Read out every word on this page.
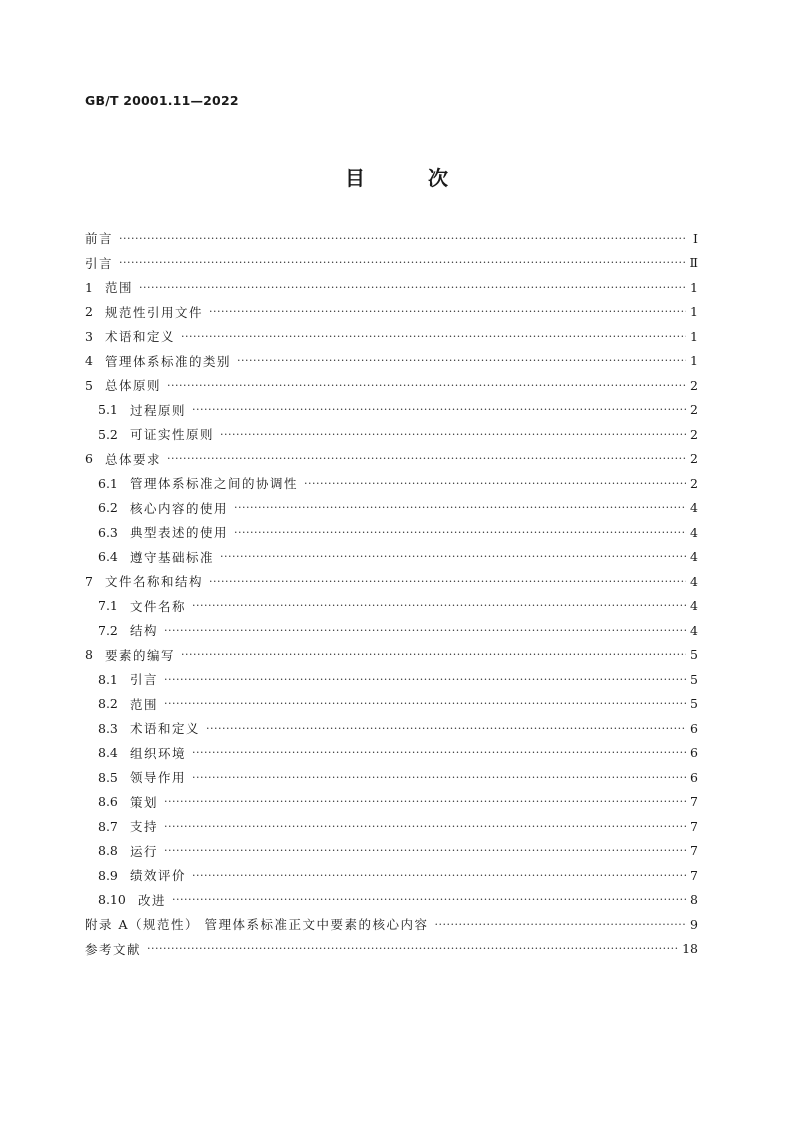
GB/T 20001.11—2022
目 次
前言 ·····	Ⅰ
引言 ·····	Ⅱ
1 范围 ·····	1
2 规范性引用文件 ·····	1
3 术语和定义 ·····	1
4 管理体系标准的类别 ·····	1
5 总体原则 ·····	2
5.1 过程原则 ·····	2
5.2 可证实性原则 ·····	2
6 总体要求 ·····	2
6.1 管理体系标准之间的协调性 ·····	2
6.2 核心内容的使用 ·····	4
6.3 典型表述的使用 ·····	4
6.4 遵守基础标准 ·····	4
7 文件名称和结构 ·····	4
7.1 文件名称 ·····	4
7.2 结构 ·····	4
8 要素的编写 ·····	5
8.1 引言 ·····	5
8.2 范围 ·····	5
8.3 术语和定义 ·····	6
8.4 组织环境 ·····	6
8.5 领导作用 ·····	6
8.6 策划 ·····	7
8.7 支持 ·····	7
8.8 运行 ·····	7
8.9 绩效评价 ·····	7
8.10 改进 ·····	8
附录 A（规范性） 管理体系标准正文中要素的核心内容 ·····	9
参考文献 ·····	18
